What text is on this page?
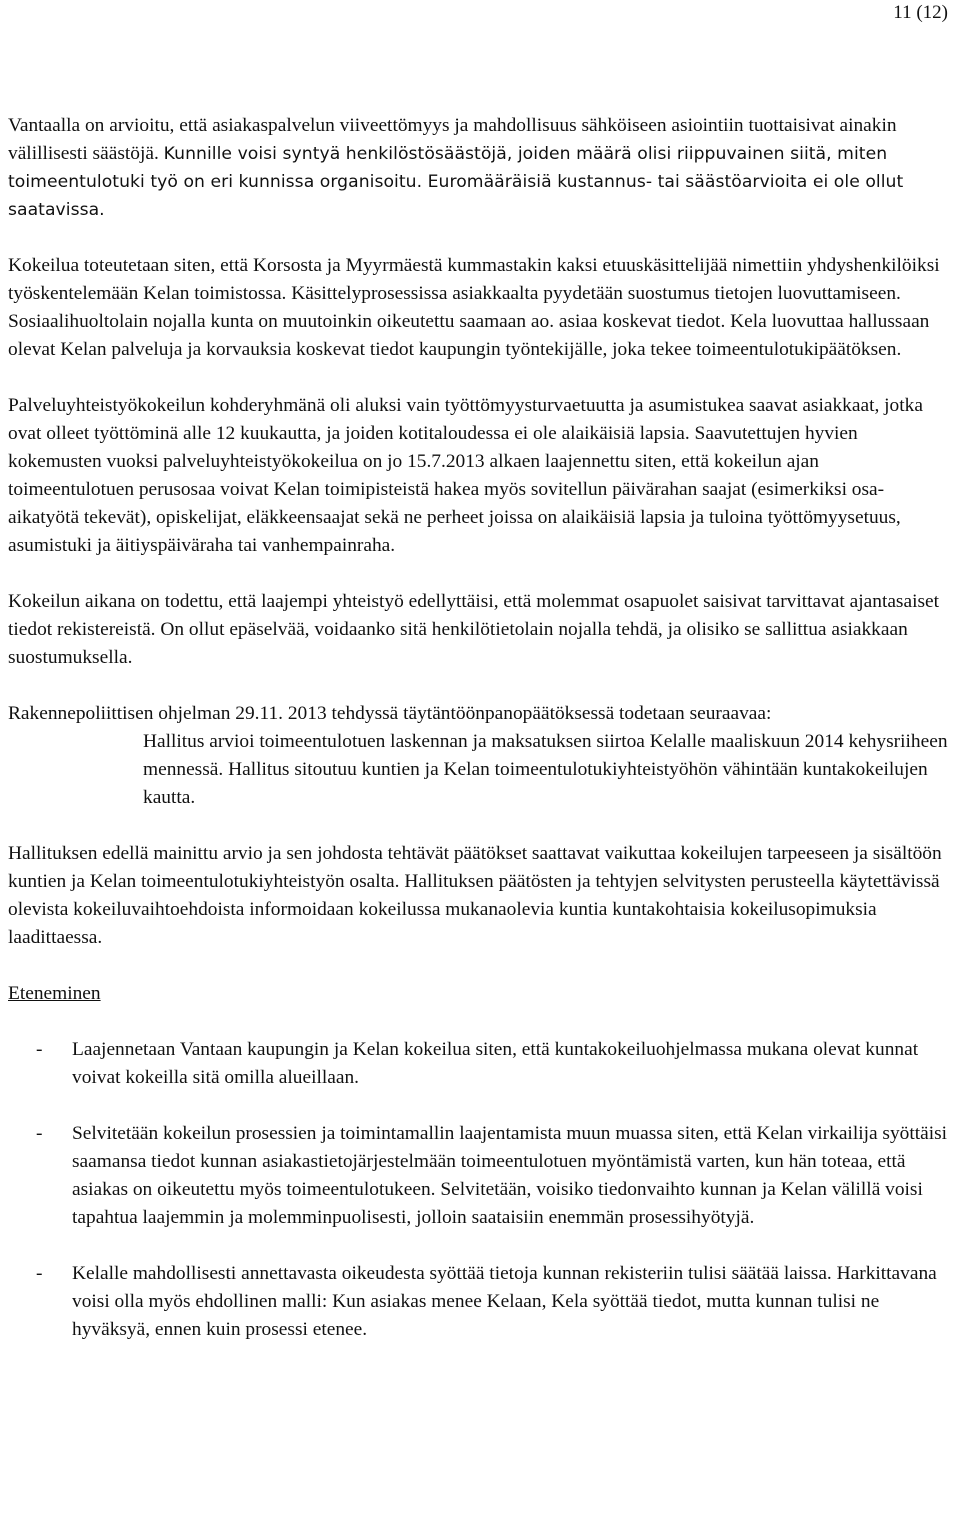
11 (12)

Vantaalla on arvioitu, että asiakaspalvelun viiveettömyys ja mahdollisuus sähköiseen asiointiin tuottaisivat ainakin välillisesti säästöjä. Kunnille voisi syntyä henkilöstösäästöjä, joiden määrä olisi riippuvainen siitä, miten toimeentulotuki työ on eri kunnissa organisoitu. Euromääräisiä kustannus- tai säästöarvioita ei ole ollut saatavissa.

Kokeilua toteutetaan siten, että Korsosta ja Myyrmäestä kummastakin kaksi etuuskäsittelijää nimettiin yhdyshenkilöiksi työskentelemään Kelan toimistossa. Käsittelyprosessissa asiakkaalta pyydetään suostumus tietojen luovuttamiseen. Sosiaalihuoltolain nojalla kunta on muutoinkin oikeutettu saamaan ao. asiaa koskevat tiedot. Kela luovuttaa hallussaan olevat Kelan palveluja ja korvauksia koskevat tiedot kaupungin työntekijälle, joka tekee toimeentulotukipäätöksen.

Palveluyhteistyökokeilun kohderyhmänä oli aluksi vain työttömyysturvaetuutta ja asumistukea saavat asiakkaat, jotka ovat olleet työttöminä alle 12 kuukautta, ja joiden kotitaloudessa ei ole alaikäisiä lapsia. Saavutettujen hyvien kokemusten vuoksi palveluyhteistyökokeilua on jo 15.7.2013 alkaen laajennettu siten, että kokeilun ajan toimeentulotuen perusosaa voivat Kelan toimipisteistä hakea myös sovitellun päivärahan saajat (esimerkiksi osa-aikatyötä tekevät), opiskelijat, eläkkeensaajat sekä ne perheet joissa on alaikäisiä lapsia ja tuloina työttömyysetuus, asumistuki ja äitiyspäiväraha tai vanhempainraha.

Kokeilun aikana on todettu, että laajempi yhteistyö edellyttäisi, että molemmat osapuolet saisivat tarvittavat ajantasaiset tiedot rekistereistä. On ollut epäselvää, voidaanko sitä henkilötietolain nojalla tehdä, ja olisiko se sallittua asiakkaan suostumuksella.

Rakennepoliittisen ohjelman 29.11. 2013 tehdyssä täytäntöönpanopäätöksessä todetaan seuraavaa:

Hallitus arvioi toimeentulotuen laskennan ja maksatuksen siirtoa Kelalle maaliskuun 2014 kehysriiheen mennessä. Hallitus sitoutuu kuntien ja Kelan toimeentulotukiyhteistyöhön vähintään kuntakokeilujen kautta.

Hallituksen edellä mainittu arvio ja sen johdosta tehtävät päätökset saattavat vaikuttaa kokeilujen tarpeeseen ja sisältöön kuntien ja Kelan toimeentulotukiyhteistyön osalta. Hallituksen päätösten ja tehtyjen selvitysten perusteella käytettävissä olevista kokeiluvaihtoehdoista informoidaan kokeilussa mukanaolevia kuntia kuntakohtaisia kokeilusopimuksia laadittaessa.

Eteneminen

-	Laajennetaan Vantaan kaupungin ja Kelan kokeilua siten, että kuntakokeiluohjelmassa mukana olevat kunnat voivat kokeilla sitä omilla alueillaan.

-	Selvitetään kokeilun prosessien ja toimintamallin laajentamista muun muassa siten, että Kelan virkailija syöttäisi saamansa tiedot kunnan asiakastietojärjestelmään toimeentulotuen myöntämistä varten, kun hän toteaa, että asiakas on oikeutettu myös toimeentulotukeen. Selvitetään, voisiko tiedonvaihto kunnan ja Kelan välillä voisi tapahtua laajemmin ja molemminpuolisesti, jolloin saataisiin enemmän prosessihyötyjä.

-	Kelalle mahdollisesti annettavasta oikeudesta syöttää tietoja kunnan rekisteriin tulisi säätää laissa. Harkittavana voisi olla myös ehdollinen malli: Kun asiakas menee Kelaan, Kela syöttää tiedot, mutta kunnan tulisi ne hyväksyä, ennen kuin prosessi etenee.
